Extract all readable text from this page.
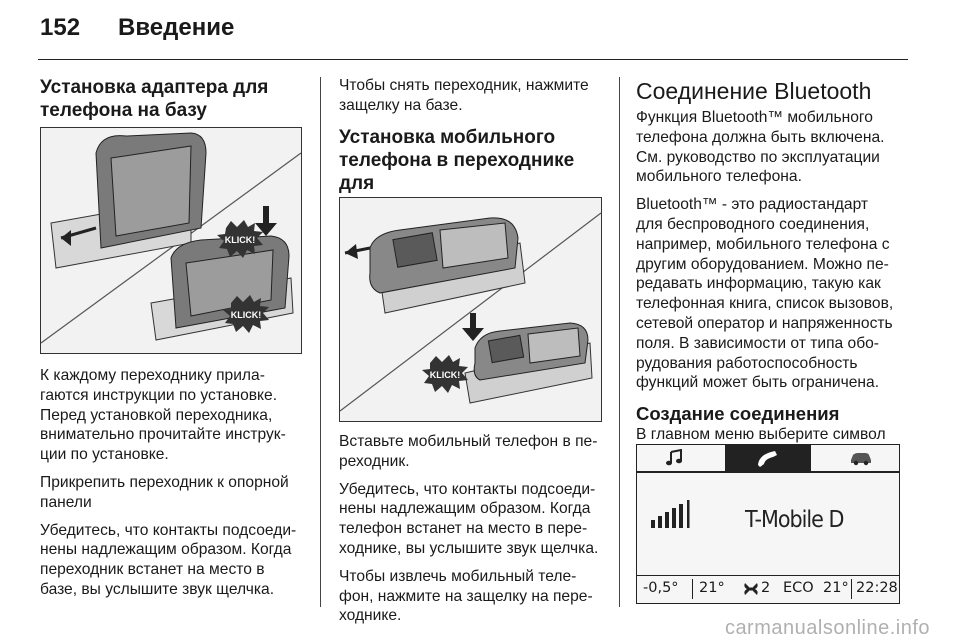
152 Введение
Установка адаптера для
телефона на базу
KLICK!
KLICK!

К каждому переходнику прила-
гаются инструкции по установке.
Перед установкой переходника,
внимательно прочитайте инструк-
ции по установке.

Прикрепить переходник к опорной
панели

Убедитесь, что контакты подсоеди-
нены надлежащим образом. Когда
переходник встанет на место в
базе, вы услышите звук щелчка.

Чтобы снять переходник, нажмите
защелку на базе.

Установка мобильного
телефона в переходнике для
KLICK!

Вставьте мобильный телефон в пе-
реходник.

Убедитесь, что контакты подсоеди-
нены надлежащим образом. Когда
телефон встанет на место в пере-
ходнике, вы услышите звук щелчка.

Чтобы извлечь мобильный теле-
фон, нажмите на защелку на пере-
ходнике.

Соединение Bluetooth

Функция Bluetooth™ мобильного
телефона должна быть включена.
См. руководство по эксплуатации
мобильного телефона.

Bluetooth™ - это радиостандарт
для беспроводного соединения,
например, мобильного телефона с
другим оборудованием. Можно пе-
редавать информацию, такую как
телефонная книга, список вызовов,
сетевой оператор и напряженность
поля. В зависимости от типа обо-
рудования работоспособность
функций может быть ограничена.

Создание соединения

В главном меню выберите символ

T-Mobile D
-0,5° 21°	2 ECO 21° 22:28
carmanualsonline.info
